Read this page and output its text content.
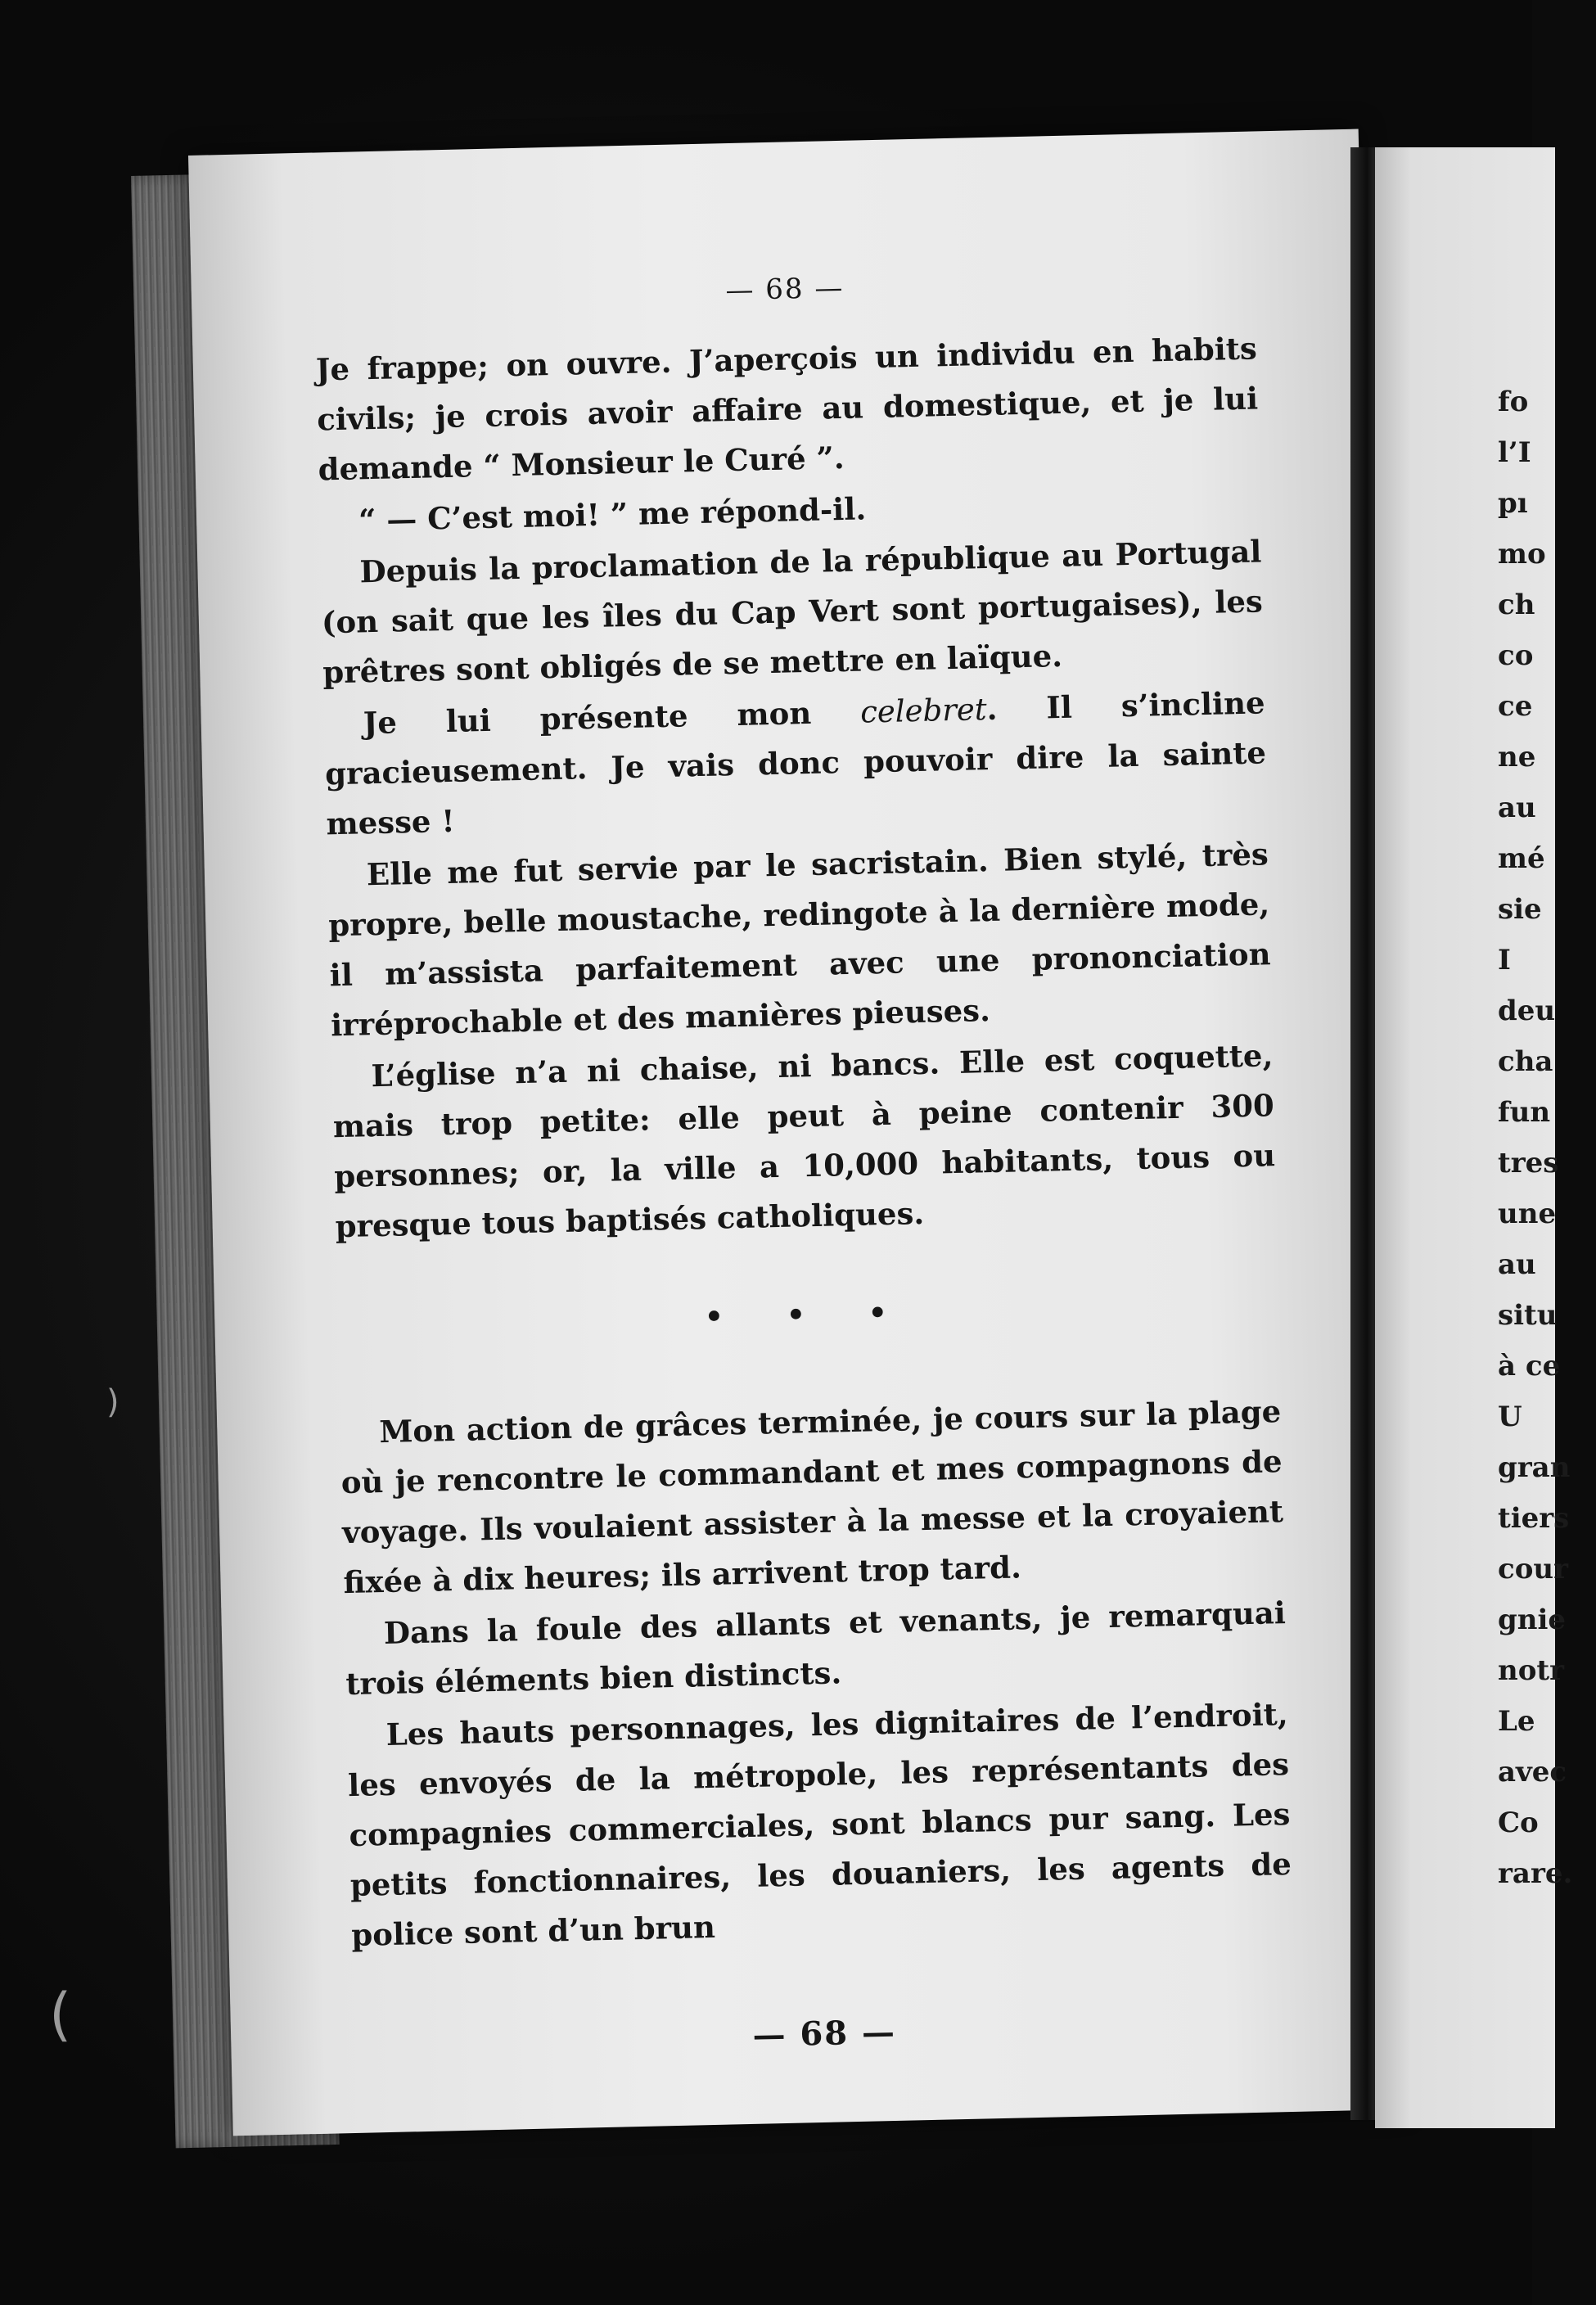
— 68 —

Je frappe; on ouvre. J’aperçois un individu en habits civils; je crois avoir affaire au domestique, et je lui demande “ Monsieur le Curé ”.

“ — C’est moi! ” me répond-il.

Depuis la proclamation de la république au Portugal (on sait que les îles du Cap Vert sont portugaises), les prêtres sont obligés de se mettre en laïque.

Je lui présente mon celebret. Il s’incline gracieusement. Je vais donc pouvoir dire la sainte messe !

Elle me fut servie par le sacristain. Bien stylé, très propre, belle moustache, redingote à la dernière mode, il m’assista parfaitement avec une prononciation irréprochable et des manières pieuses.

L’église n’a ni chaise, ni bancs. Elle est coquette, mais trop petite: elle peut à peine contenir 300 personnes; or, la ville a 10,000 habitants, tous ou presque tous baptisés catholiques.

• • •

Mon action de grâces terminée, je cours sur la plage où je rencontre le commandant et mes compagnons de voyage. Ils voulaient assister à la messe et la croyaient fixée à dix heures; ils arrivent trop tard.

Dans la foule des allants et venants, je remarquai trois éléments bien distincts.

Les hauts personnages, les dignitaires de l’endroit, les envoyés de la métropole, les représentants des compagnies commerciales, sont blancs pur sang. Les petits fonctionnaires, les douaniers, les agents de police sont d’un brun

— 68 —
fo
l’I
pı
mo
ch
co
ce
ne
au
mé
sie
I
deu
cha
fun
tres
une
au
situ
à ce
U
gran
tiers
cour
gnie
notr
Le
avec
Co
rare.
)
(
